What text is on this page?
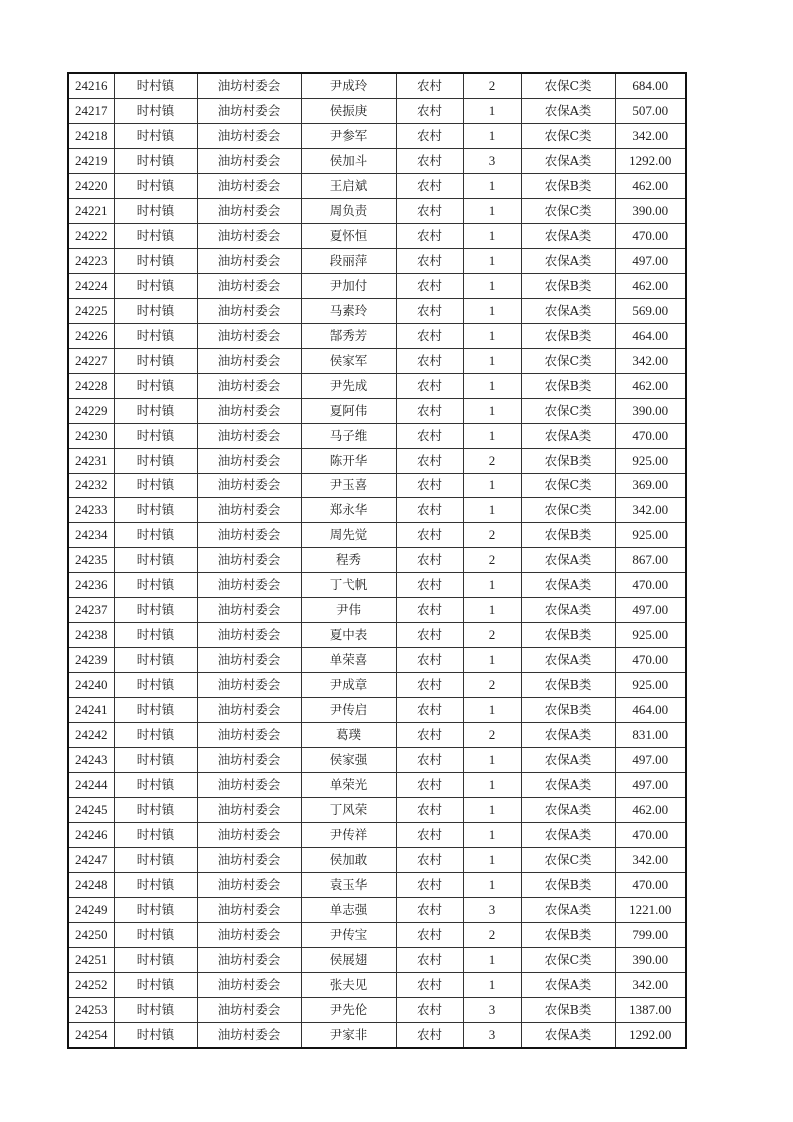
24216	时村镇	油坊村委会	尹成玲	农村	2	农保C类	684.00
24217	时村镇	油坊村委会	侯振庚	农村	1	农保A类	507.00
24218	时村镇	油坊村委会	尹参军	农村	1	农保C类	342.00
24219	时村镇	油坊村委会	侯加斗	农村	3	农保A类	1292.00
24220	时村镇	油坊村委会	王启斌	农村	1	农保B类	462.00
24221	时村镇	油坊村委会	周负责	农村	1	农保C类	390.00
24222	时村镇	油坊村委会	夏怀恒	农村	1	农保A类	470.00
24223	时村镇	油坊村委会	段丽萍	农村	1	农保A类	497.00
24224	时村镇	油坊村委会	尹加付	农村	1	农保B类	462.00
24225	时村镇	油坊村委会	马素玲	农村	1	农保A类	569.00
24226	时村镇	油坊村委会	郜秀芳	农村	1	农保B类	464.00
24227	时村镇	油坊村委会	侯家军	农村	1	农保C类	342.00
24228	时村镇	油坊村委会	尹先成	农村	1	农保B类	462.00
24229	时村镇	油坊村委会	夏阿伟	农村	1	农保C类	390.00
24230	时村镇	油坊村委会	马子维	农村	1	农保A类	470.00
24231	时村镇	油坊村委会	陈开华	农村	2	农保B类	925.00
24232	时村镇	油坊村委会	尹玉喜	农村	1	农保C类	369.00
24233	时村镇	油坊村委会	郑永华	农村	1	农保C类	342.00
24234	时村镇	油坊村委会	周先觉	农村	2	农保B类	925.00
24235	时村镇	油坊村委会	程秀	农村	2	农保A类	867.00
24236	时村镇	油坊村委会	丁弋帆	农村	1	农保A类	470.00
24237	时村镇	油坊村委会	尹伟	农村	1	农保A类	497.00
24238	时村镇	油坊村委会	夏中表	农村	2	农保B类	925.00
24239	时村镇	油坊村委会	单荣喜	农村	1	农保A类	470.00
24240	时村镇	油坊村委会	尹成章	农村	2	农保B类	925.00
24241	时村镇	油坊村委会	尹传启	农村	1	农保B类	464.00
24242	时村镇	油坊村委会	葛璞	农村	2	农保A类	831.00
24243	时村镇	油坊村委会	侯家强	农村	1	农保A类	497.00
24244	时村镇	油坊村委会	单荣光	农村	1	农保A类	497.00
24245	时村镇	油坊村委会	丁风荣	农村	1	农保A类	462.00
24246	时村镇	油坊村委会	尹传祥	农村	1	农保A类	470.00
24247	时村镇	油坊村委会	侯加敢	农村	1	农保C类	342.00
24248	时村镇	油坊村委会	袁玉华	农村	1	农保B类	470.00
24249	时村镇	油坊村委会	单志强	农村	3	农保A类	1221.00
24250	时村镇	油坊村委会	尹传宝	农村	2	农保B类	799.00
24251	时村镇	油坊村委会	侯展翅	农村	1	农保C类	390.00
24252	时村镇	油坊村委会	张夫见	农村	1	农保A类	342.00
24253	时村镇	油坊村委会	尹先伦	农村	3	农保B类	1387.00
24254	时村镇	油坊村委会	尹家非	农村	3	农保A类	1292.00
